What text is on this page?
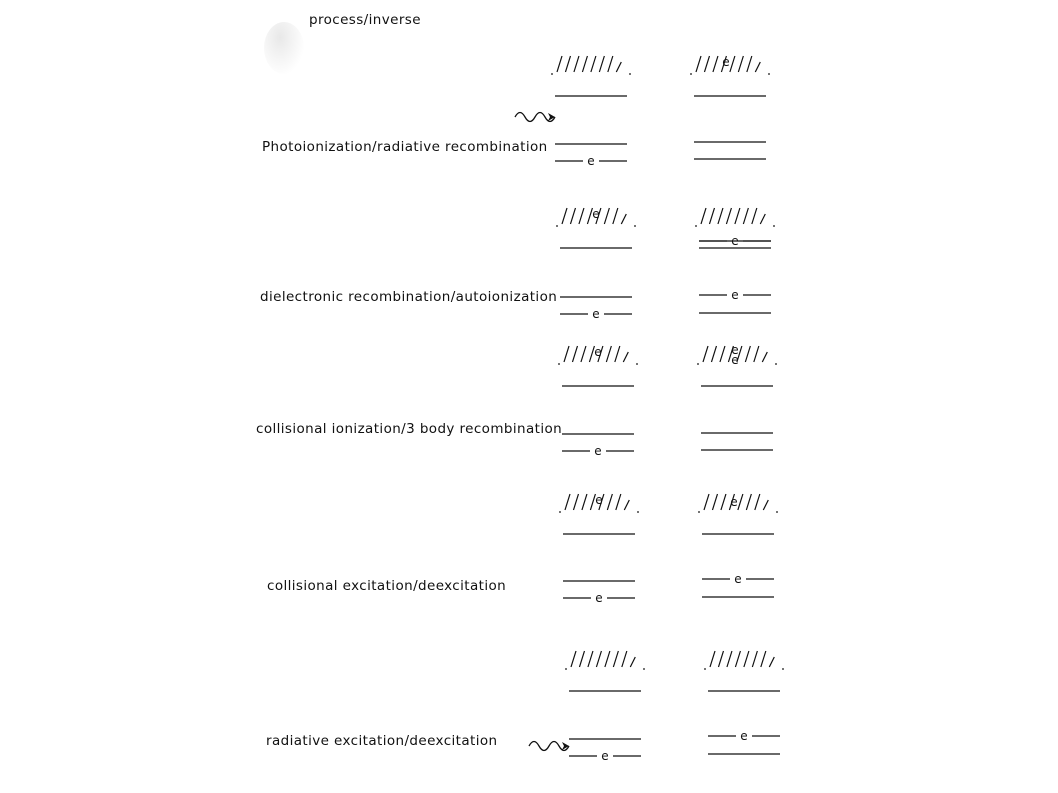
process/inverse
Photoionization/radiative recombination
dielectronic recombination/autoionization
collisional ionization/3 body recombination
collisional excitation/deexcitation
radiative excitation/deexcitation
e
e
e
e
e
e
e
e	e
e
e
e	e
e
e
e
